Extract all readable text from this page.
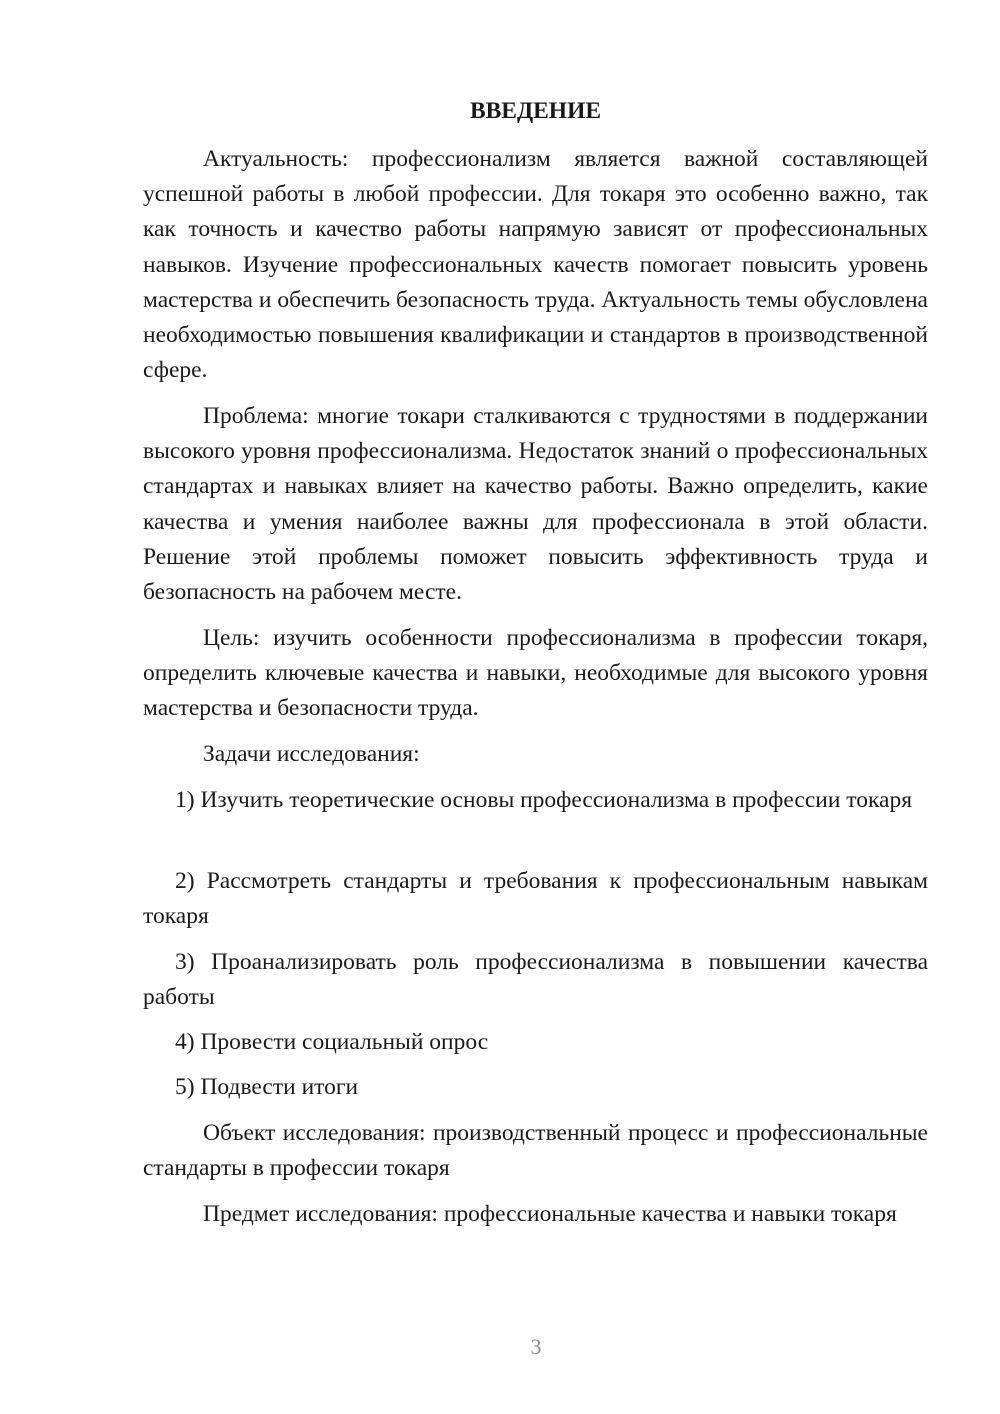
ВВЕДЕНИЕ

Актуальность: профессионализм является важной составляющей успешной работы в любой профессии. Для токаря это особенно важно, так как точность и качество работы напрямую зависят от профессиональных навыков. Изучение профессиональных качеств помогает повысить уровень мастерства и обеспечить безопасность труда. Актуальность темы обусловлена необходимостью повышения квалификации и стандартов в производственной сфере.

Проблема: многие токари сталкиваются с трудностями в поддержании высокого уровня профессионализма. Недостаток знаний о профессиональных стандартах и навыках влияет на качество работы. Важно определить, какие качества и умения наиболее важны для профессионала в этой области. Решение этой проблемы поможет повысить эффективность труда и безопасность на рабочем месте.

Цель: изучить особенности профессионализма в профессии токаря, определить ключевые качества и навыки, необходимые для высокого уровня мастерства и безопасности труда.

Задачи исследования:

1) Изучить теоретические основы профессионализма в профессии токаря

2) Рассмотреть стандарты и требования к профессиональным навыкам токаря

3) Проанализировать роль профессионализма в повышении качества работы

4) Провести социальный опрос

5) Подвести итоги

Объект исследования: производственный процесс и профессиональные стандарты в профессии токаря

Предмет исследования: профессиональные качества и навыки токаря

3
